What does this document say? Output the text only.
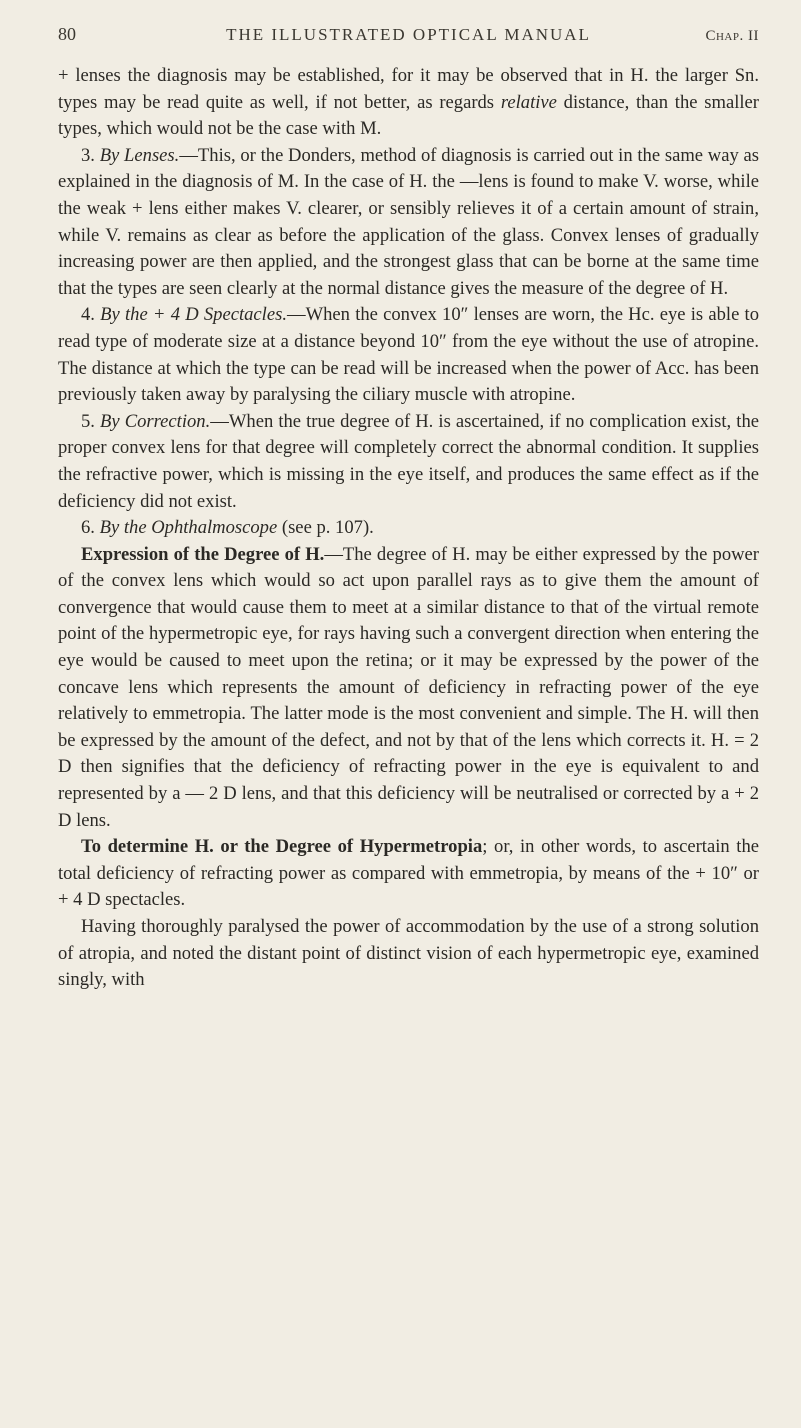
80	THE ILLUSTRATED OPTICAL MANUAL	Chap. II

+ lenses the diagnosis may be established, for it may be observed that in H. the larger Sn. types may be read quite as well, if not better, as regards relative distance, than the smaller types, which would not be the case with M.

3. By Lenses.—This, or the Donders, method of diagnosis is carried out in the same way as explained in the diagnosis of M. In the case of H. the —lens is found to make V. worse, while the weak + lens either makes V. clearer, or sensibly relieves it of a certain amount of strain, while V. remains as clear as before the application of the glass. Convex lenses of gradually increasing power are then applied, and the strongest glass that can be borne at the same time that the types are seen clearly at the normal distance gives the measure of the degree of H.

4. By the + 4 D Spectacles.—When the convex 10″ lenses are worn, the Hc. eye is able to read type of moderate size at a distance beyond 10″ from the eye without the use of atropine. The distance at which the type can be read will be increased when the power of Acc. has been previously taken away by paralysing the ciliary muscle with atropine.

5. By Correction.—When the true degree of H. is ascertained, if no complication exist, the proper convex lens for that degree will completely correct the abnormal condition. It supplies the refractive power, which is missing in the eye itself, and produces the same effect as if the deficiency did not exist.

6. By the Ophthalmoscope (see p. 107).

Expression of the Degree of H.—The degree of H. may be either expressed by the power of the convex lens which would so act upon parallel rays as to give them the amount of convergence that would cause them to meet at a similar distance to that of the virtual remote point of the hypermetropic eye, for rays having such a convergent direction when entering the eye would be caused to meet upon the retina; or it may be expressed by the power of the concave lens which represents the amount of deficiency in refracting power of the eye relatively to emmetropia. The latter mode is the most convenient and simple. The H. will then be expressed by the amount of the defect, and not by that of the lens which corrects it. H. = 2 D then signifies that the deficiency of refracting power in the eye is equivalent to and represented by a — 2 D lens, and that this deficiency will be neutralised or corrected by a + 2 D lens.

To determine H. or the Degree of Hypermetropia; or, in other words, to ascertain the total deficiency of refracting power as compared with emmetropia, by means of the + 10″ or + 4 D spectacles.

Having thoroughly paralysed the power of accommodation by the use of a strong solution of atropia, and noted the distant point of distinct vision of each hypermetropic eye, examined singly, with
